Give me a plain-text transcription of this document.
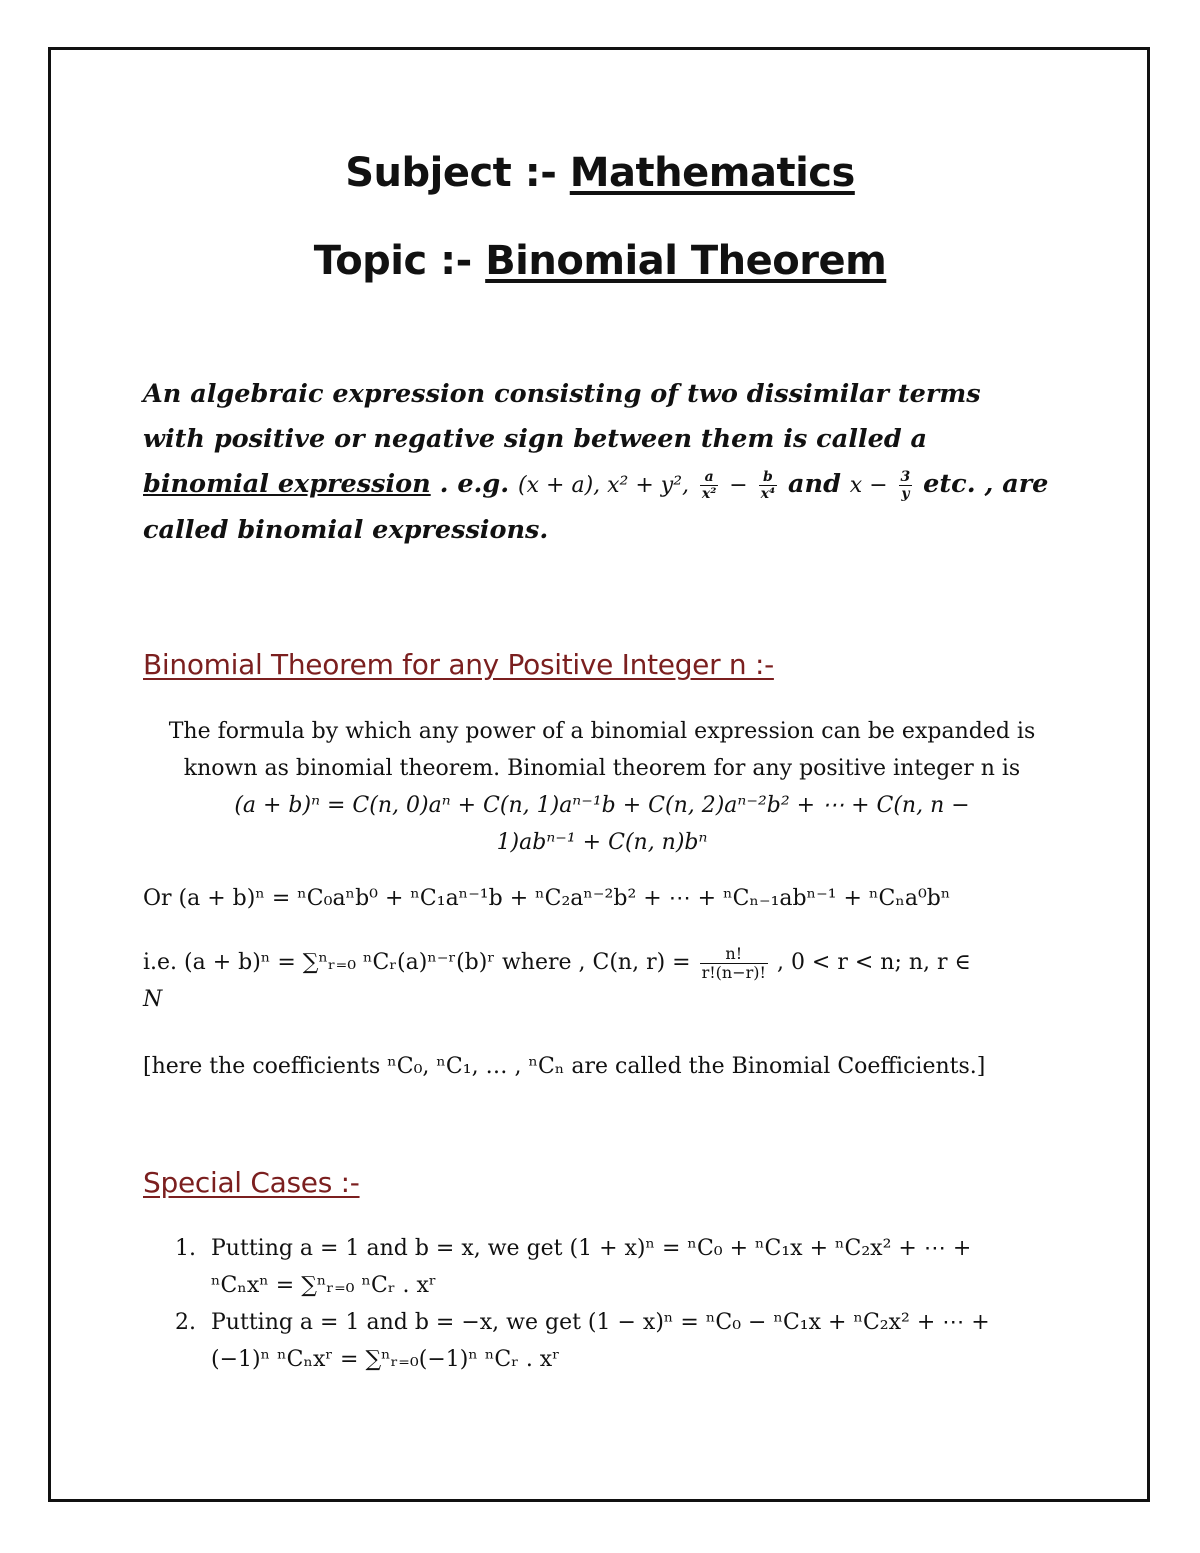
Subject :- Mathematics
Topic :- Binomial Theorem
An algebraic expression consisting of two dissimilar terms
with positive or negative sign between them is called a
binomial expression . e.g. (x + a), x² + y², $\frac{a}{\text{x²}} - \frac{b}{\text{x⁴}}$ and $x - \frac{3}{y}$ etc. , are
called binomial expressions.
Binomial Theorem for any Positive Integer n :-
The formula by which any power of a binomial expression can be expanded is
known as binomial theorem. Binomial theorem for any positive integer n is
(a + b)ⁿ = C(n, 0)aⁿ + C(n, 1)aⁿ⁻¹b + C(n, 2)aⁿ⁻²b² + ⋯ + C(n, n −
1)abⁿ⁻¹ + C(n, n)bⁿ
Or (a + b)ⁿ = ⁿC₀aⁿb⁰ + ⁿC₁aⁿ⁻¹b + ⁿC₂aⁿ⁻²b² + ⋯ + ⁿCₙ₋₁abⁿ⁻¹ + ⁿCₙa⁰bⁿ
i.e. (a + b)ⁿ = ∑ⁿᵣ₌₀ ⁿCᵣ(a)ⁿ⁻ʳ(b)ʳ where , C(n, $r) = \frac{n!}{r!(n-r)!}$ , 0 < r < n; n, r ∈
N
[here the coefficients ⁿC₀, ⁿC₁, … , ⁿCₙ are called the Binomial Coefficients.]
Special Cases :-
1. Putting a = 1 and b = x, we get (1 + x)ⁿ = ⁿC₀ + ⁿC₁x + ⁿC₂x² + ⋯ +
ⁿCₙxⁿ = ∑ⁿᵣ₌₀ ⁿCᵣ . xʳ
2. Putting a = 1 and b = −x, we get (1 − x)ⁿ = ⁿC₀ − ⁿC₁x + ⁿC₂x² + ⋯ +
(−1)ⁿ ⁿCₙxʳ = ∑ⁿᵣ₌₀(−1)ⁿ ⁿCᵣ . xʳ
